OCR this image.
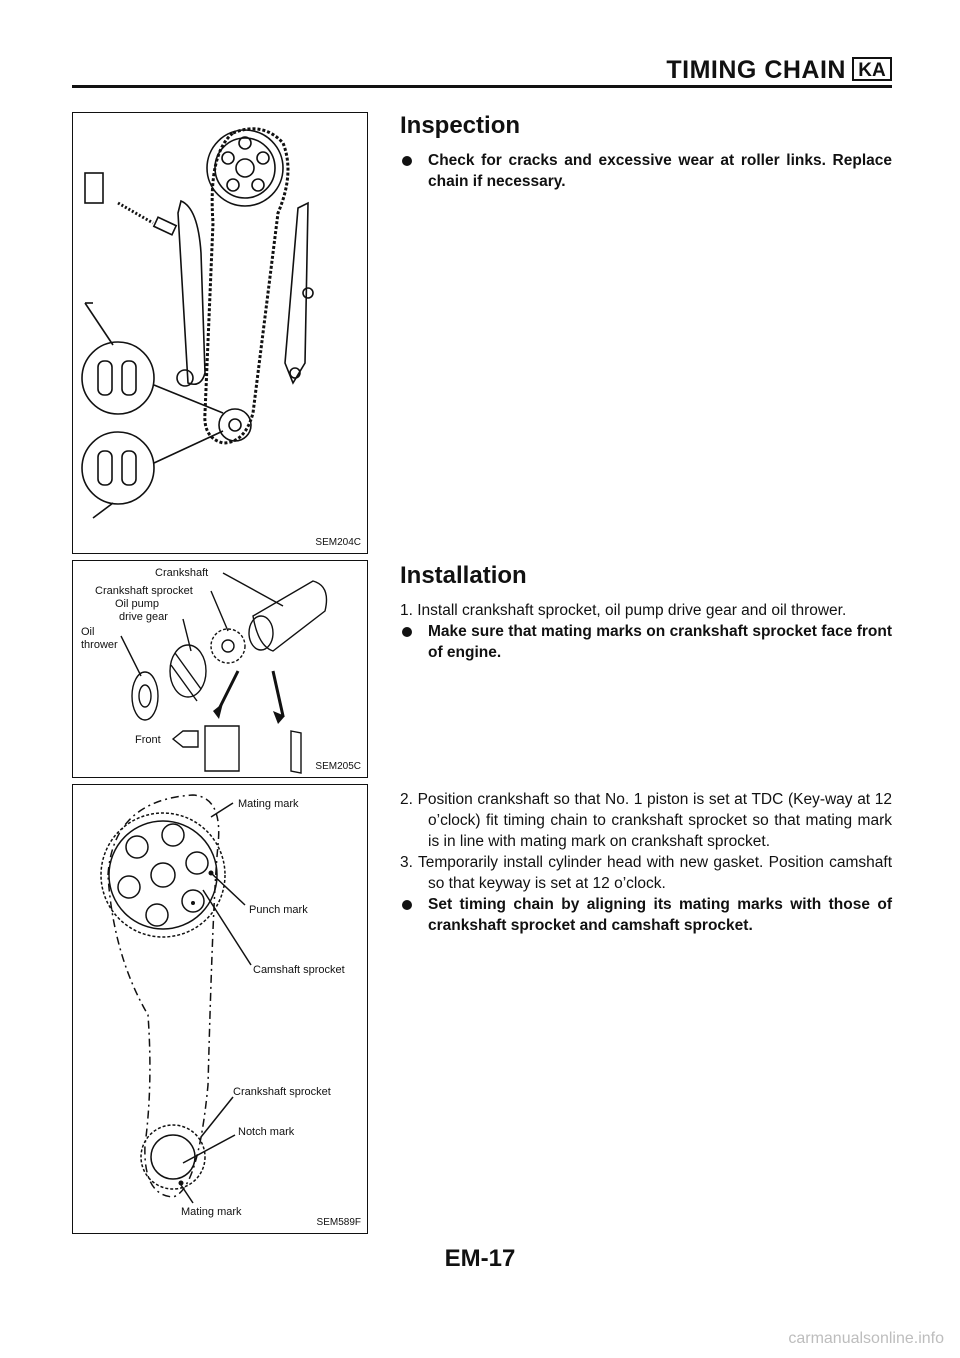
TIMING CHAIN KA
SEM204C
Crankshaft
Crankshaft sprocket
Oil pump
drive gear
Oil
thrower
Front
SEM205C
Mating mark
Punch mark
Camshaft sprocket
Crankshaft sprocket
Notch mark
Mating mark
SEM589F
Inspection
Check for cracks and excessive wear at roller links. Replace chain if necessary.
Installation
1. Install crankshaft sprocket, oil pump drive gear and oil thrower.
Make sure that mating marks on crankshaft sprocket face front of engine.
2. Position crankshaft so that No. 1 piston is set at TDC (Key-way at 12 o’clock) fit timing chain to crankshaft sprocket so that mating mark is in line with mating mark on crankshaft sprocket.
3. Temporarily install cylinder head with new gasket. Position camshaft so that keyway is set at 12 o’clock.
Set timing chain by aligning its mating marks with those of crankshaft sprocket and camshaft sprocket.
EM-17
carmanualsonline.info
